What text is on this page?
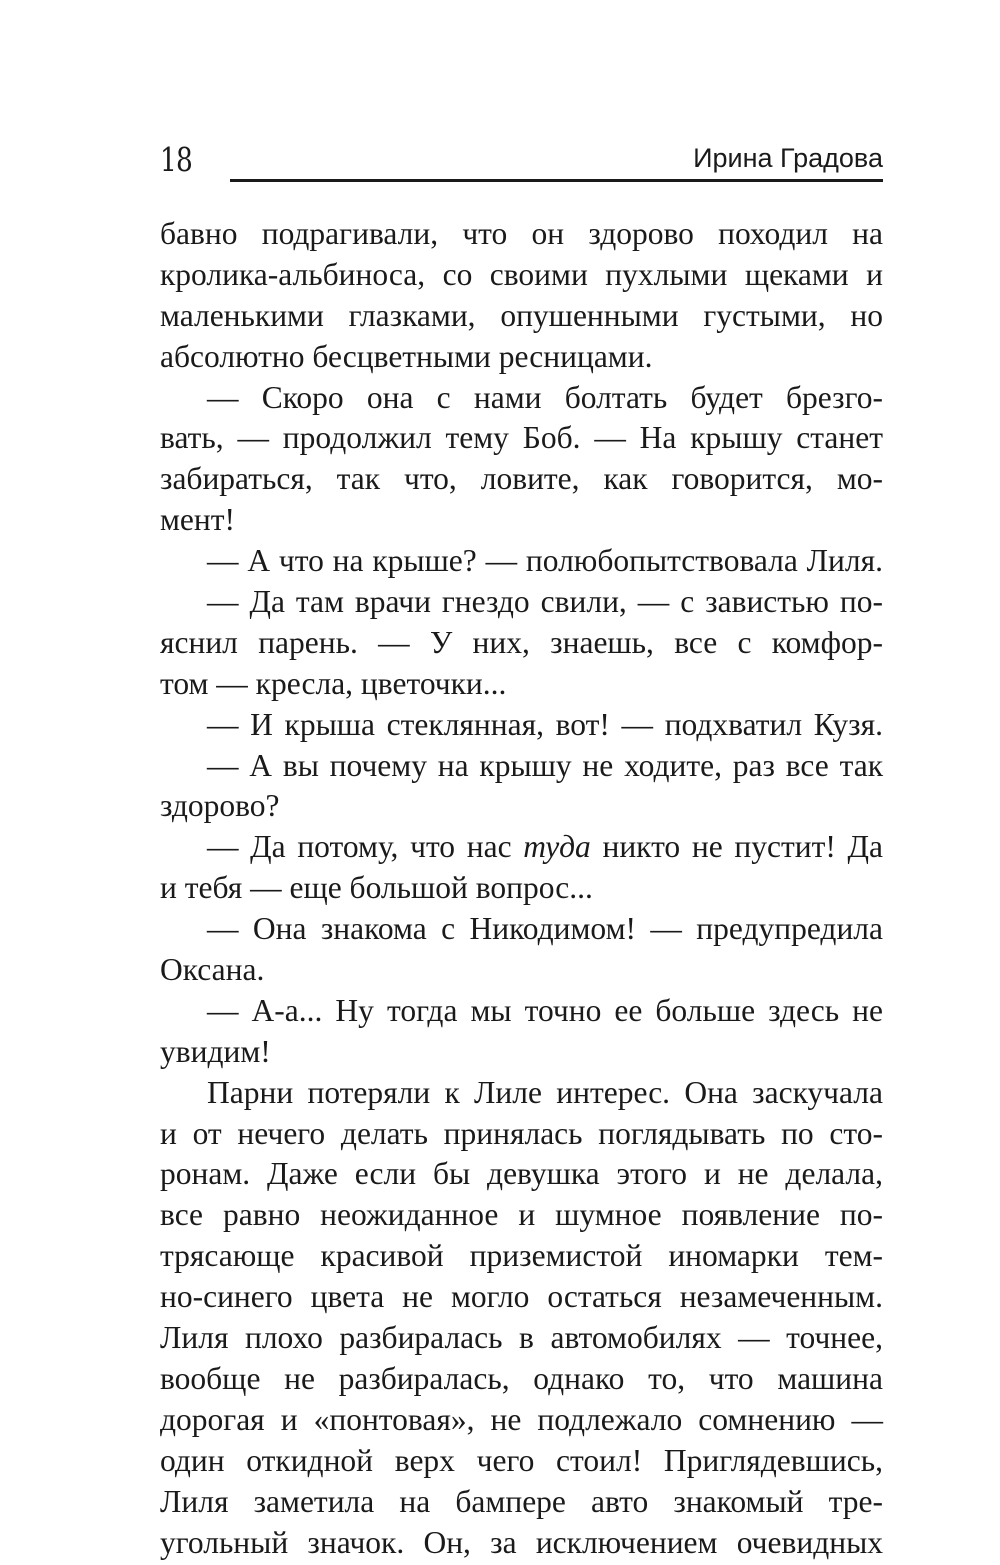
18	Ирина Градова
бавно подрагивали, что он здорово походил на
кролика-альбиноса, со своими пухлыми щеками и
маленькими глазками, опушенными густыми, но
абсолютно бесцветными ресницами.
— Скоро она с нами болтать будет брезго-
вать, — продолжил тему Боб. — На крышу станет
забираться, так что, ловите, как говорится, мо-
мент!
— А что на крыше? — полюбопытствовала Лиля.
— Да там врачи гнездо свили, — с завистью по-
яснил парень. — У них, знаешь, все с комфор-
том — кресла, цветочки...
— И крыша стеклянная, вот! — подхватил Кузя.
— А вы почему на крышу не ходите, раз все так
здорово?
— Да потому, что нас туда никто не пустит! Да
и тебя — еще большой вопрос...
— Она знакома с Никодимом! — предупредила
Оксана.
— А-а... Ну тогда мы точно ее больше здесь не
увидим!
Парни потеряли к Лиле интерес. Она заскучала
и от нечего делать принялась поглядывать по сто-
ронам. Даже если бы девушка этого и не делала,
все равно неожиданное и шумное появление по-
трясающе красивой приземистой иномарки тем-
но-синего цвета не могло остаться незамеченным.
Лиля плохо разбиралась в автомобилях — точнее,
вообще не разбиралась, однако то, что машина
дорогая и «понтовая», не подлежало сомнению —
один откидной верх чего стоил! Приглядевшись,
Лиля заметила на бампере авто знакомый тре-
угольный значок. Он, за исключением очевидных
